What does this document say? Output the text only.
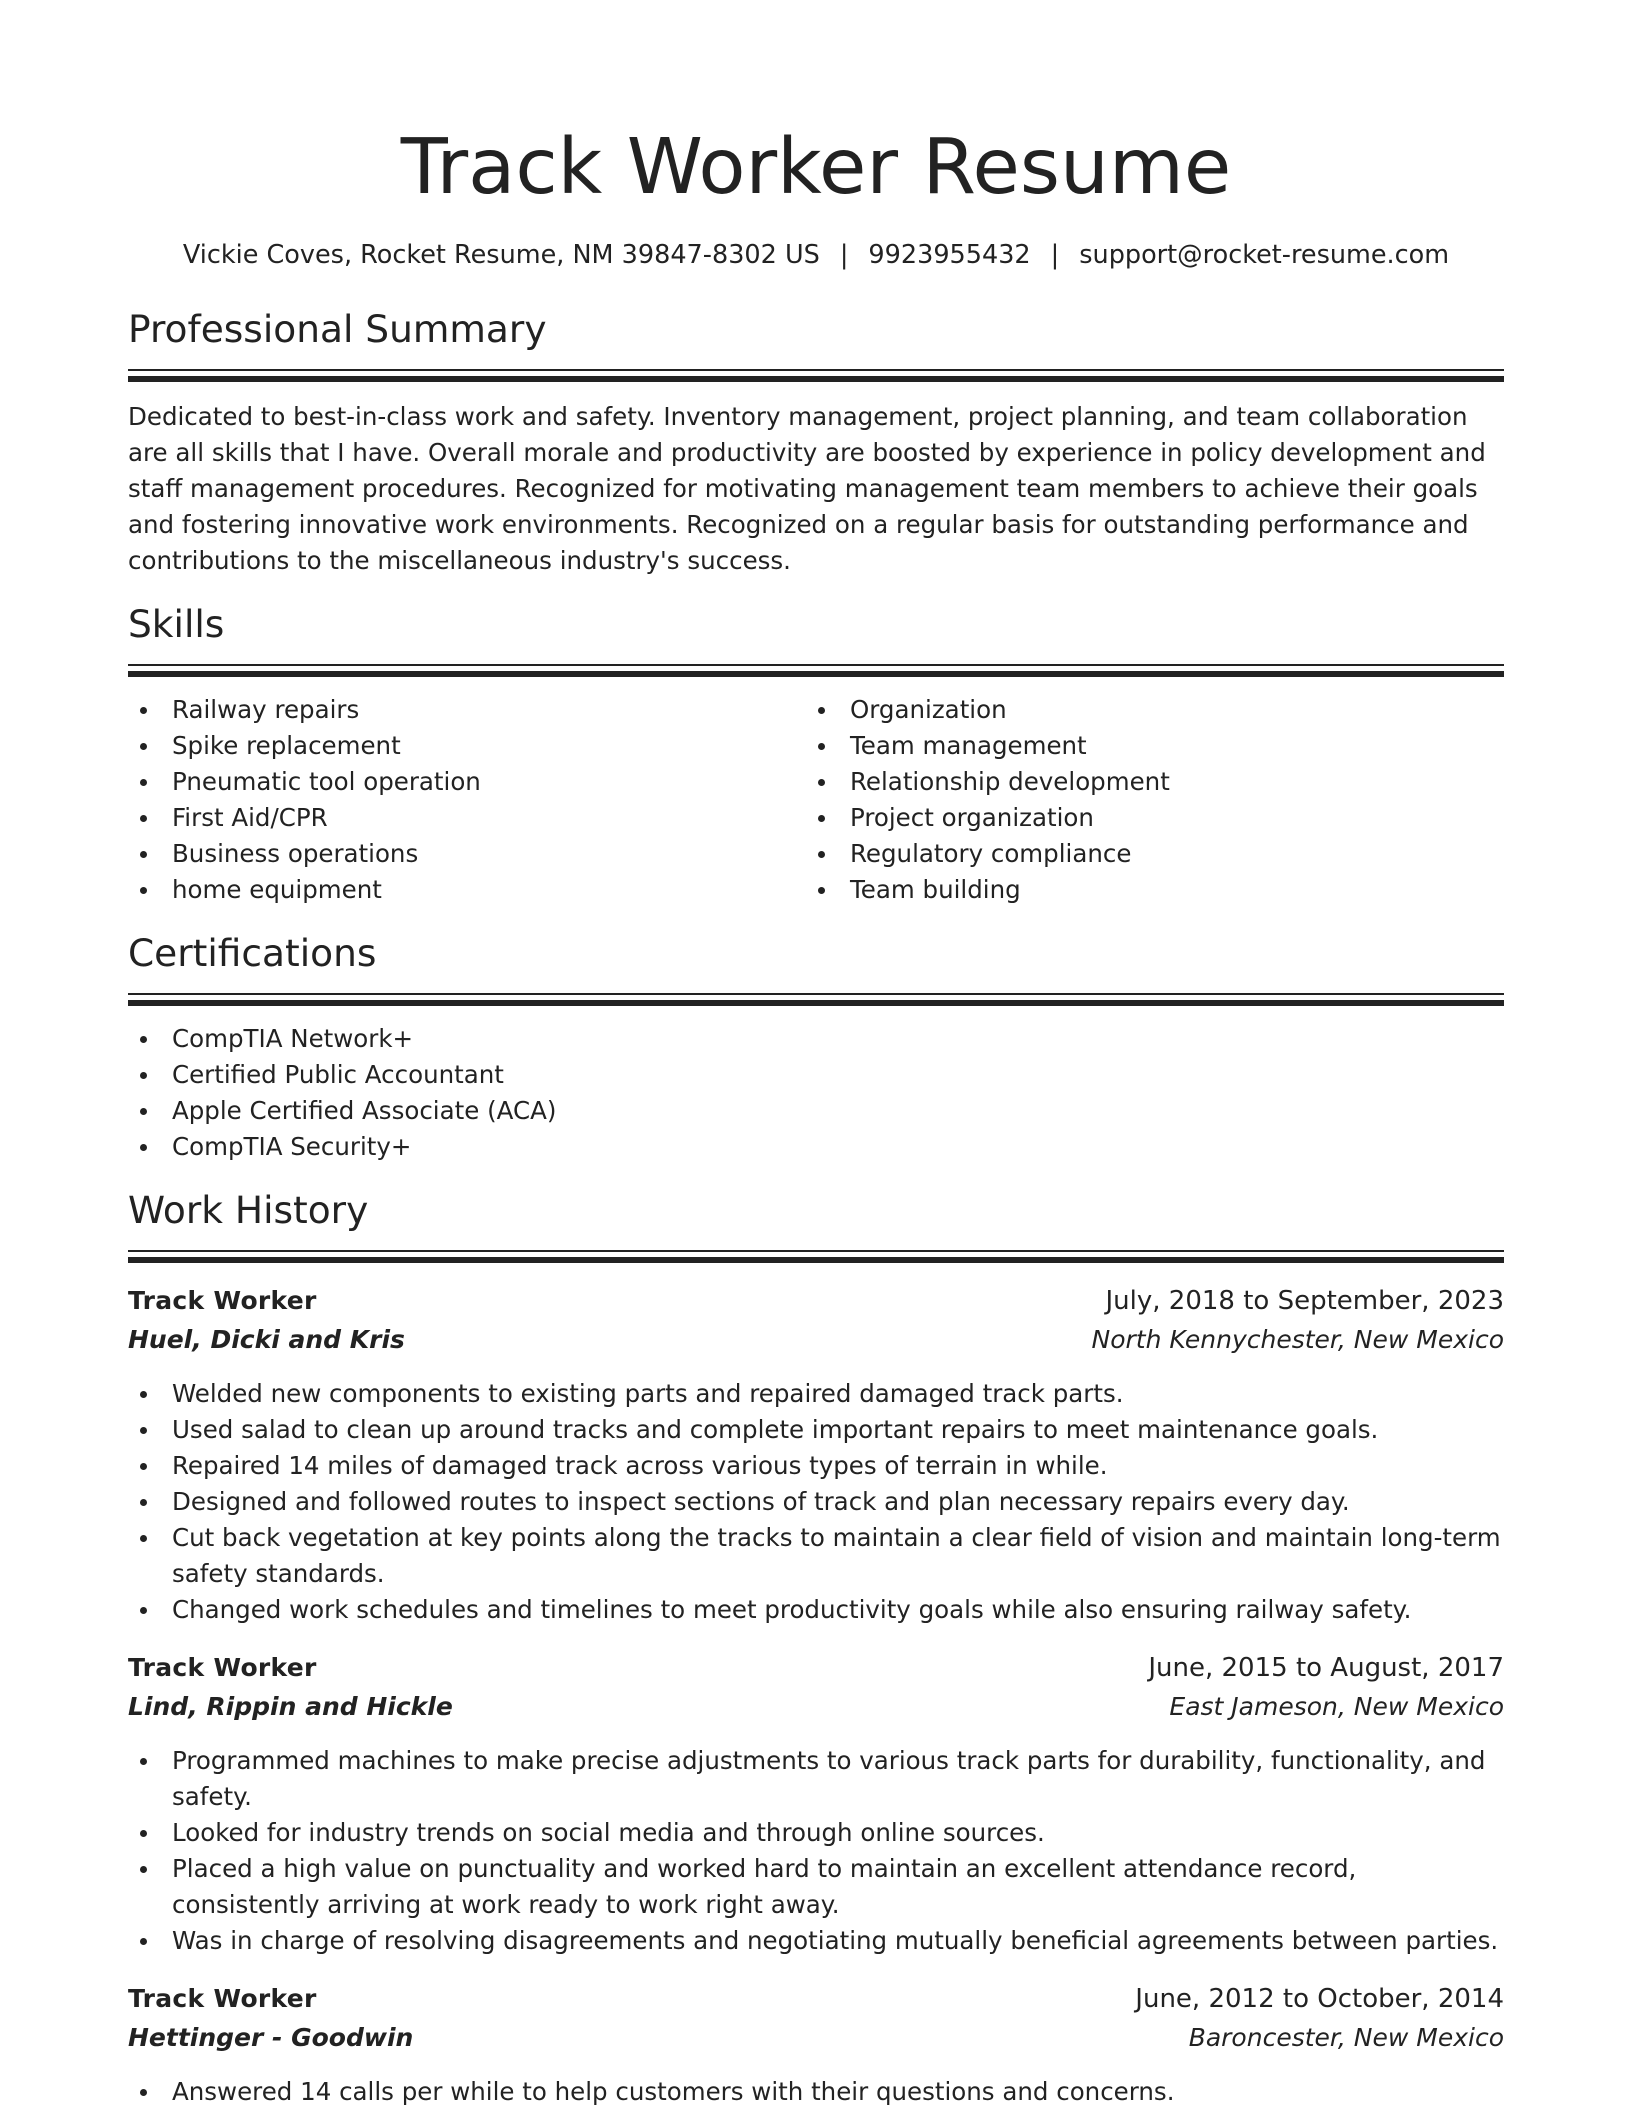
Track Worker Resume
Vickie Coves, Rocket Resume, NM 39847-8302 US | 9923955432 | support@rocket-resume.com
Professional Summary

Dedicated to best-in-class work and safety. Inventory management, project planning, and team collaboration are all skills that I have. Overall morale and productivity are boosted by experience in policy development and staff management procedures. Recognized for motivating management team members to achieve their goals and fostering innovative work environments. Recognized on a regular basis for outstanding performance and contributions to the miscellaneous industry's success.

Skills
Railway repairs
Spike replacement
Pneumatic tool operation
First Aid/CPR
Business operations
home equipment
Organization
Team management
Relationship development
Project organization
Regulatory compliance
Team building
Certifications
CompTIA Network+
Certified Public Accountant
Apple Certified Associate (ACA)
CompTIA Security+
Work History
Track Worker	July, 2018 to September, 2023
Huel, Dicki and Kris	North Kennychester, New Mexico
Welded new components to existing parts and repaired damaged track parts.
Used salad to clean up around tracks and complete important repairs to meet maintenance goals.
Repaired 14 miles of damaged track across various types of terrain in while.
Designed and followed routes to inspect sections of track and plan necessary repairs every day.
Cut back vegetation at key points along the tracks to maintain a clear field of vision and maintain long-term safety standards.
Changed work schedules and timelines to meet productivity goals while also ensuring railway safety.
Track Worker	June, 2015 to August, 2017
Lind, Rippin and Hickle	East Jameson, New Mexico
Programmed machines to make precise adjustments to various track parts for durability, functionality, and safety.
Looked for industry trends on social media and through online sources.
Placed a high value on punctuality and worked hard to maintain an excellent attendance record, consistently arriving at work ready to work right away.
Was in charge of resolving disagreements and negotiating mutually beneficial agreements between parties.
Track Worker	June, 2012 to October, 2014
Hettinger - Goodwin	Baroncester, New Mexico
Answered 14 calls per while to help customers with their questions and concerns.
